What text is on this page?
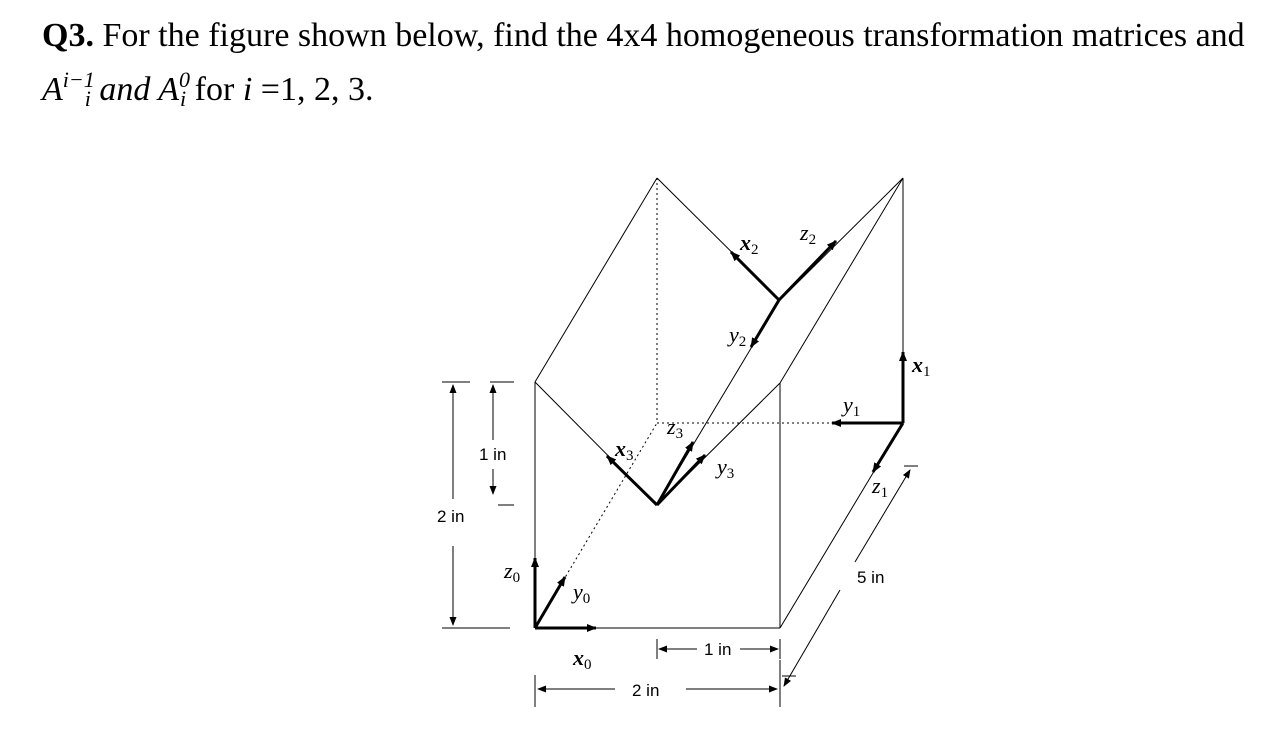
Q3. For the figure shown below, find the 4x4 homogeneous transformation matrices and $A^{i-1}_i$ and $A^0_i$ for i =1, 2, 3.
x0
y0
z0
x1
y1
z1
x2
y2
z2
x3	y3
z3
2 in
1 in
1 in
2 in
5 in
